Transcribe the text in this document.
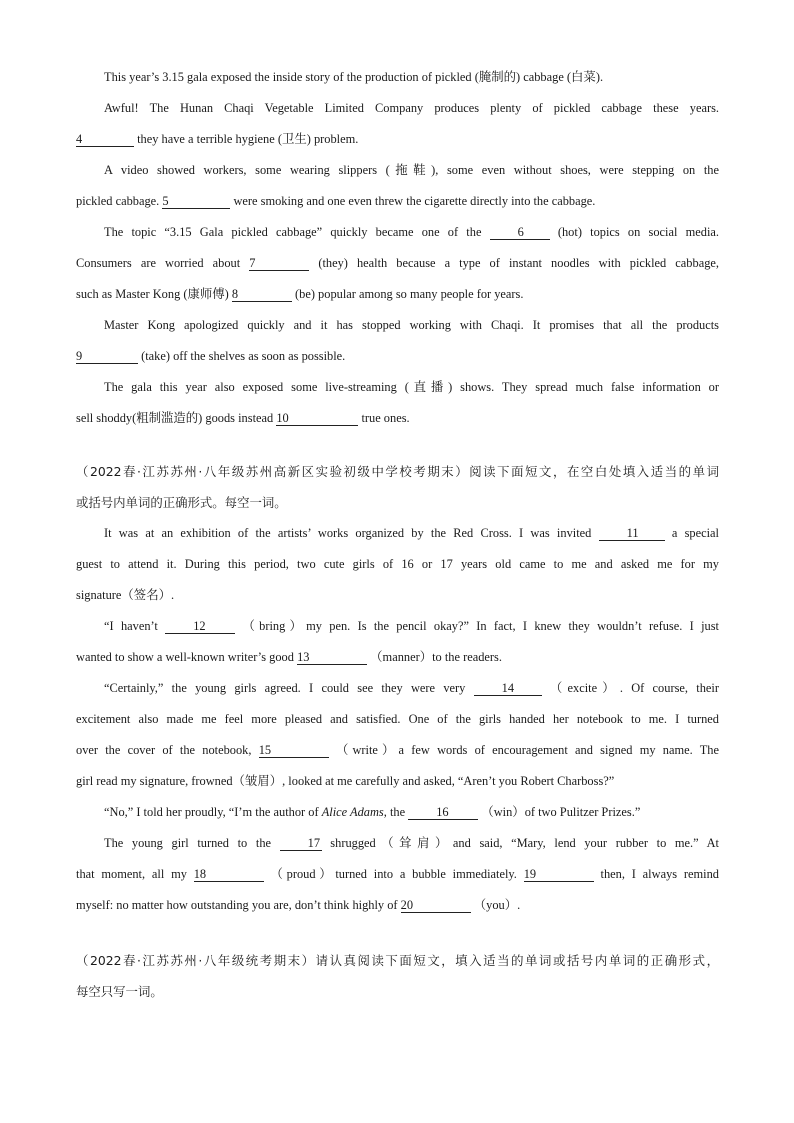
This year’s 3.15 gala exposed the inside story of the production of pickled (腌制的) cabbage (白菜).

Awful! The Hunan Chaqi Vegetable Limited Company produces plenty of pickled cabbage these years.

4	they have a terrible hygiene (卫生) problem.

A video showed workers, some wearing slippers (拖鞋), some even without shoes, were stepping on the

pickled cabbage. 5	were smoking and one even threw the cigarette directly into the cabbage.

The topic “3.15 Gala pickled cabbage” quickly became one of the	6	(hot) topics on social media.

Consumers are worried about 7	(they) health because a type of instant noodles with pickled cabbage,

such as Master Kong (康师傅) 8	(be) popular among so many people for years.

Master Kong apologized quickly and it has stopped working with Chaqi. It promises that all the products

9	(take) off the shelves as soon as possible.

The gala this year also exposed some live-streaming (直播) shows. They spread much false information or

sell shoddy(粗制滥造的) goods instead 10	true ones.

（2022春·江苏苏州·八年级苏州高新区实验初级中学校考期末）阅读下面短文，在空白处填入适当的单词

或括号内单词的正确形式。每空一词。

It was at an exhibition of the artists’ works organized by the Red Cross. I was invited	11	a special

guest to attend it. During this period, two cute girls of 16 or 17 years old came to me and asked me for my

signature（签名）.

“I haven’t	12	（bring）my pen. Is the pencil okay?” In fact, I knew they wouldn’t refuse. I just

wanted to show a well-known writer’s good 13	（manner）to the readers.

“Certainly,” the young girls agreed. I could see they were very	14	（excite）. Of course, their

excitement also made me feel more pleased and satisfied. One of the girls handed her notebook to me. I turned

over the cover of the notebook, 15	（write）a few words of encouragement and signed my name. The

girl read my signature, frowned（皱眉）, looked at me carefully and asked, “Aren’t you Robert Charboss?”

“No,” I told her proudly, “I’m the author of Alice Adams, the	16	（win）of two Pulitzer Prizes.”

The young girl turned to the	17 shrugged（耸肩）and said, “Mary, lend your rubber to me.” At

that moment, all my 18	（proud）turned into a bubble immediately. 19	then, I always remind

myself: no matter how outstanding you are, don’t think highly of 20	（you）.

（2022春·江苏苏州·八年级统考期末）请认真阅读下面短文，填入适当的单词或括号内单词的正确形式，

每空只写一词。
